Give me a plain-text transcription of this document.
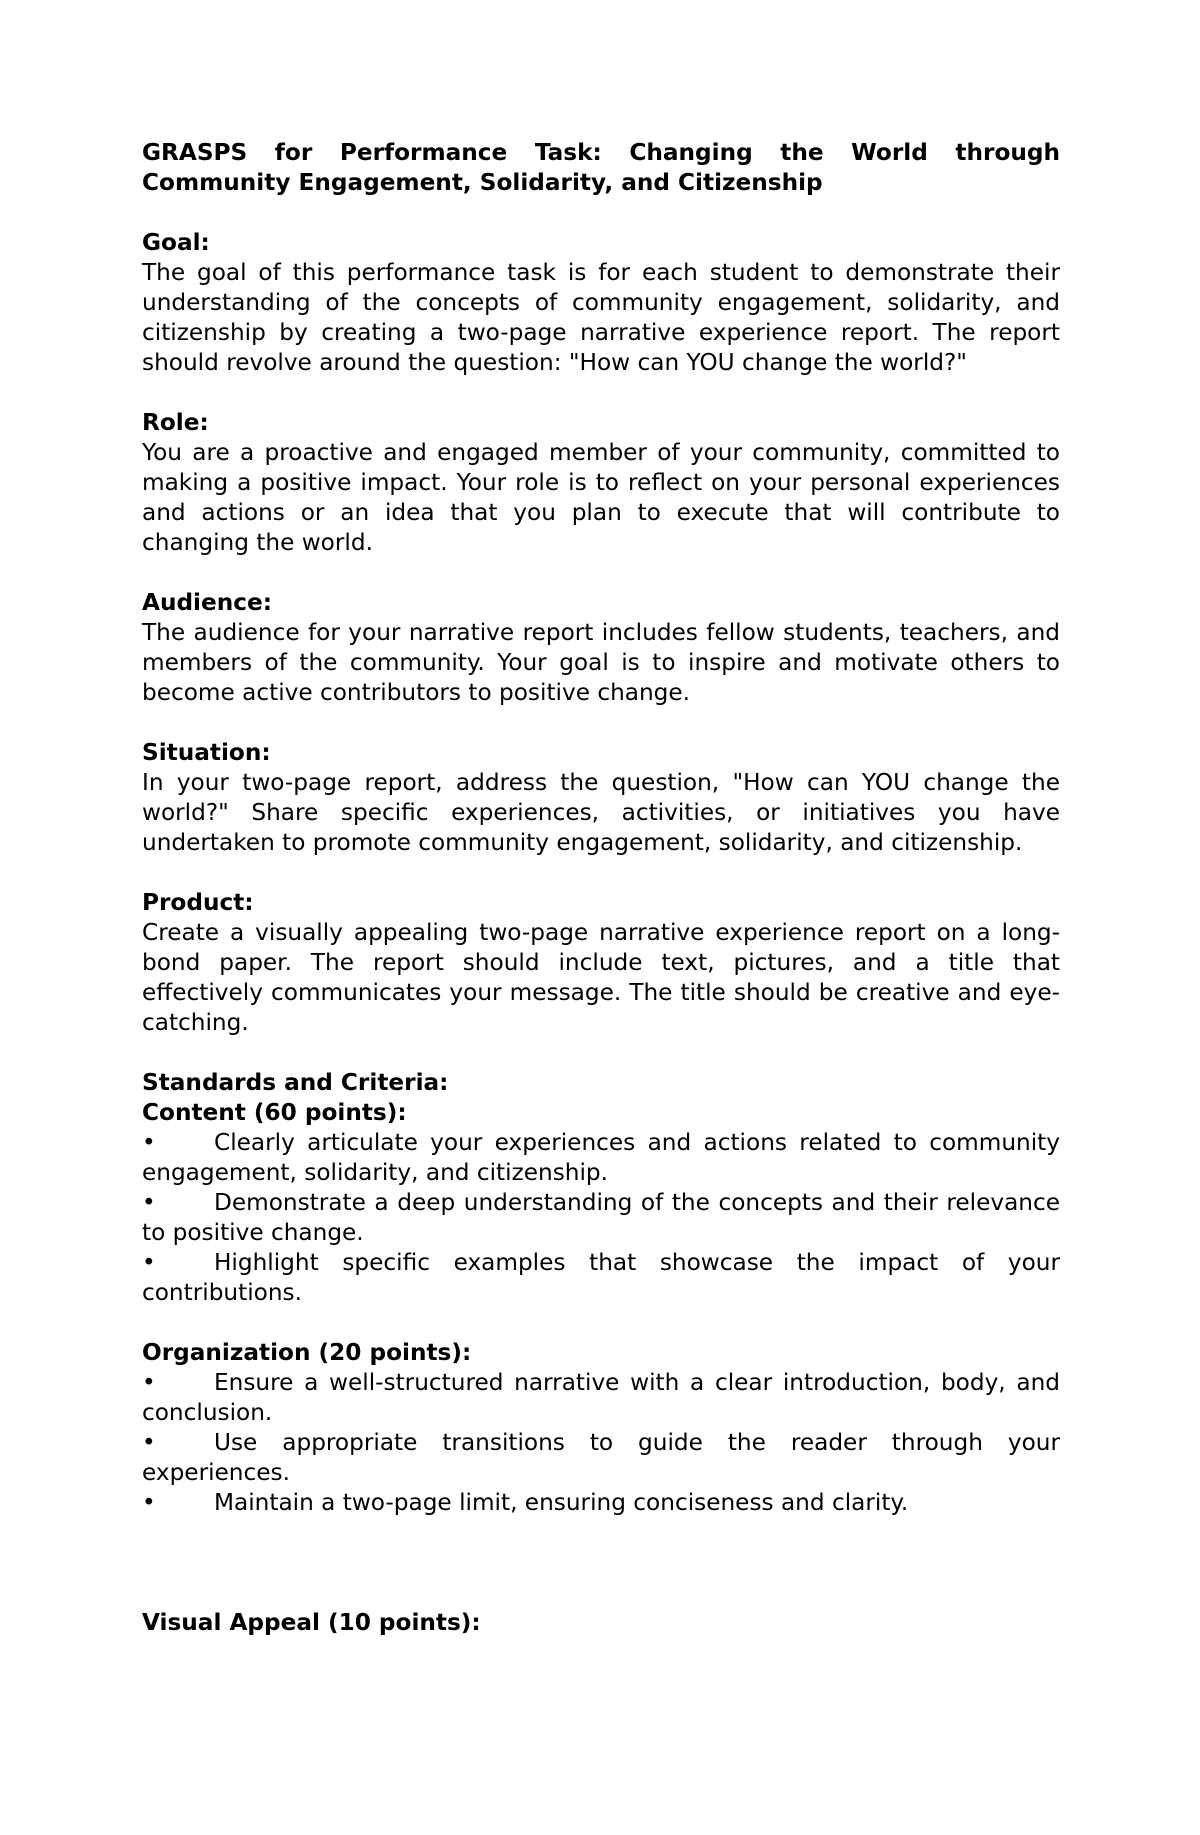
GRASPS for Performance Task: Changing the World through Community Engagement, Solidarity, and Citizenship

Goal:

The goal of this performance task is for each student to demonstrate their understanding of the concepts of community engagement, solidarity, and citizenship by creating a two-page narrative experience report. The report should revolve around the question: "How can YOU change the world?"

Role:

You are a proactive and engaged member of your community, committed to making a positive impact. Your role is to reflect on your personal experiences and actions or an idea that you plan to execute that will contribute to changing the world.

Audience:

The audience for your narrative report includes fellow students, teachers, and members of the community. Your goal is to inspire and motivate others to become active contributors to positive change.

Situation:

In your two-page report, address the question, "How can YOU change the world?" Share specific experiences, activities, or initiatives you have undertaken to promote community engagement, solidarity, and citizenship.

Product:

Create a visually appealing two-page narrative experience report on a long-bond paper. The report should include text, pictures, and a title that effectively communicates your message. The title should be creative and eye-catching.

Standards and Criteria:

Content (60 points):

•	Clearly articulate your experiences and actions related to community engagement, solidarity, and citizenship.

•	Demonstrate a deep understanding of the concepts and their relevance to positive change.

•	Highlight specific examples that showcase the impact of your contributions.

Organization (20 points):

•	Ensure a well-structured narrative with a clear introduction, body, and conclusion.

•	Use appropriate transitions to guide the reader through your experiences.

•	Maintain a two-page limit, ensuring conciseness and clarity.

Visual Appeal (10 points):
